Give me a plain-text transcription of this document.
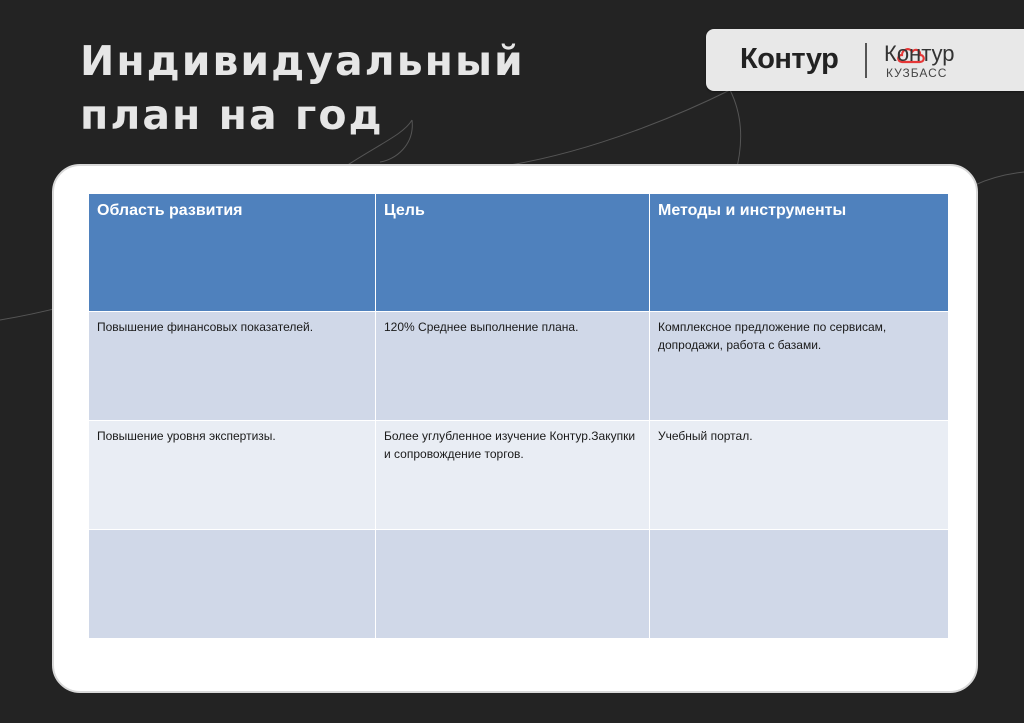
Индивидуальный
план на год
Контур Контур
КУЗБАСС
Область развития	Цель	Методы и инструменты
Повышение финансовых показателей.	120% Среднее выполнение плана.	Комплексное предложение по сервисам, допродажи, работа с базами.
Повышение уровня экспертизы.	Более углубленное изучение Контур.Закупки и сопровождение торгов.	Учебный портал.
